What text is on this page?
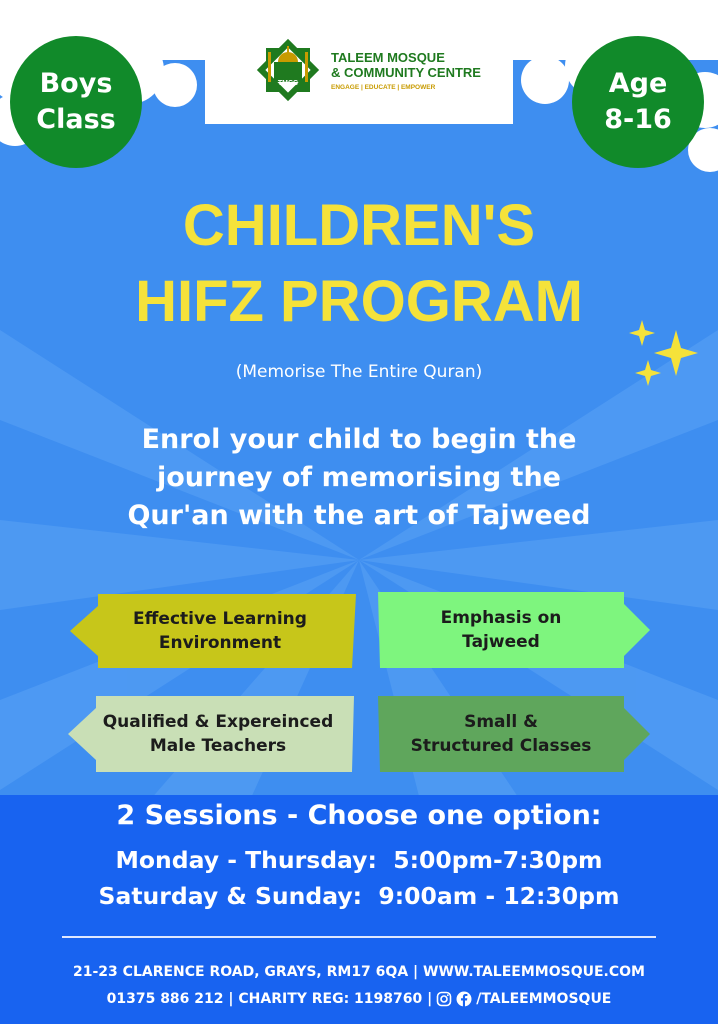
TMCC
TALEEM MOSQUE
& COMMUNITY CENTRE
ENGAGE | EDUCATE | EMPOWER
Boys
Class
Age
8-16
CHILDREN'S
HIFZ PROGRAM
(Memorise The Entire Quran)
Enrol your child to begin the
journey of memorising the
Qur'an with the art of Tajweed
Effective Learning
Environment
Emphasis on
Tajweed
Qualified & Expereinced
Male Teachers
Small &
Structured Classes
2 Sessions - Choose one option:
Monday - Thursday:  5:00pm-7:30pm
Saturday & Sunday:  9:00am - 12:30pm
21-23 CLARENCE ROAD, GRAYS, RM17 6QA | WWW.TALEEMMOSQUE.COM
01375 886 212 | CHARITY REG: 1198760 |	/TALEEMMOSQUE
